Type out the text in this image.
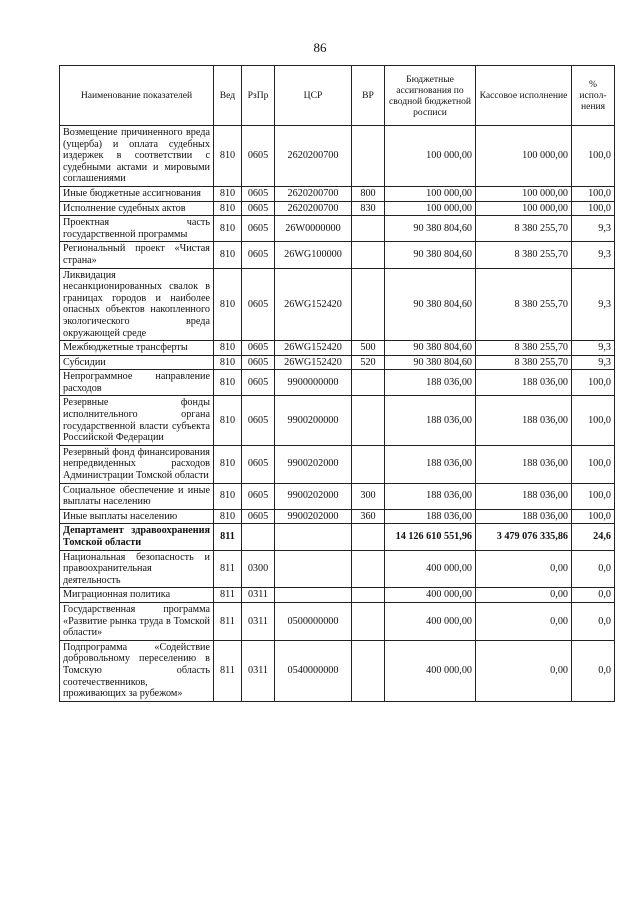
86
Наименование показателей	Вед	РзПр	ЦСР	ВР	Бюджетные ассигнования по сводной бюджетной росписи	Кассовое исполнение	% испол-нения
Возмещение причиненного вреда (ущерба) и оплата судебных издержек в соответствии с судебными актами и мировыми соглашениями	810	0605	2620200700		100 000,00	100 000,00	100,0
Иные бюджетные ассигнования	810	0605	2620200700	800	100 000,00	100 000,00	100,0
Исполнение судебных актов	810	0605	2620200700	830	100 000,00	100 000,00	100,0
Проектная часть государственной программы	810	0605	26W0000000		90 380 804,60	8 380 255,70	9,3
Региональный проект «Чистая страна»	810	0605	26WG100000		90 380 804,60	8 380 255,70	9,3
Ликвидация несанкционированных свалок в границах городов и наиболее опасных объектов накопленного экологического вреда окружающей среде	810	0605	26WG152420		90 380 804,60	8 380 255,70	9,3
Межбюджетные трансферты	810	0605	26WG152420	500	90 380 804,60	8 380 255,70	9,3
Субсидии	810	0605	26WG152420	520	90 380 804,60	8 380 255,70	9,3
Непрограммное направление расходов	810	0605	9900000000		188 036,00	188 036,00	100,0
Резервные фонды исполнительного органа государственной власти субъекта Российской Федерации	810	0605	9900200000		188 036,00	188 036,00	100,0
Резервный фонд финансирования непредвиденных расходов Администрации Томской области	810	0605	9900202000		188 036,00	188 036,00	100,0
Социальное обеспечение и иные выплаты населению	810	0605	9900202000	300	188 036,00	188 036,00	100,0
Иные выплаты населению	810	0605	9900202000	360	188 036,00	188 036,00	100,0
Департамент здравоохранения Томской области	811				14 126 610 551,96	3 479 076 335,86	24,6
Национальная безопасность и правоохранительная деятельность	811	0300			400 000,00	0,00	0,0
Миграционная политика	811	0311			400 000,00	0,00	0,0
Государственная программа «Развитие рынка труда в Томской области»	811	0311	0500000000		400 000,00	0,00	0,0
Подпрограмма «Содействие добровольному переселению в Томскую область соотечественников, проживающих за рубежом»	811	0311	0540000000		400 000,00	0,00	0,0
